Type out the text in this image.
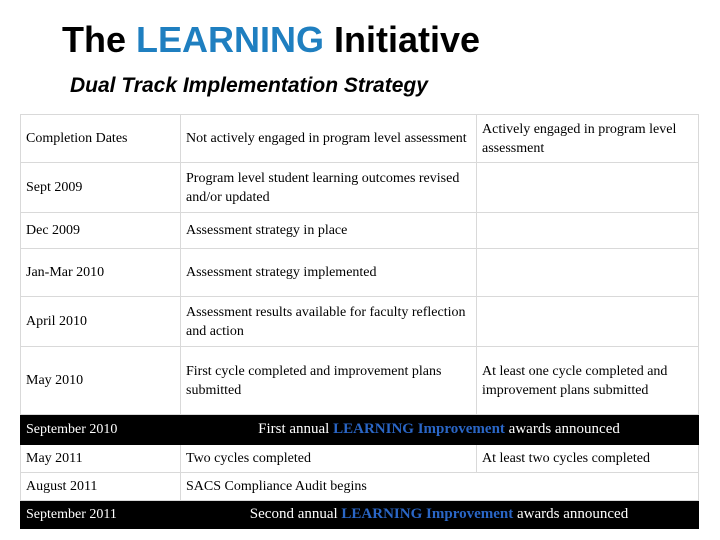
The LEARNING Initiative
Dual Track Implementation Strategy
Completion Dates	Not actively engaged in program level assessment	Actively engaged in program level assessment
Sept 2009	Program level student learning outcomes revised and/or updated	
Dec 2009	Assessment strategy in place	
Jan-Mar 2010	Assessment strategy implemented	
April 2010	Assessment results available for faculty reflection and action	
May 2010	First cycle completed and improvement plans submitted	At least one cycle completed and improvement plans submitted
September 2010	First annual LEARNING Improvement awards announced	
May 2011	Two cycles completed	At least two cycles completed
August 2011	SACS Compliance Audit begins	
September 2011	Second annual LEARNING Improvement awards announced	
